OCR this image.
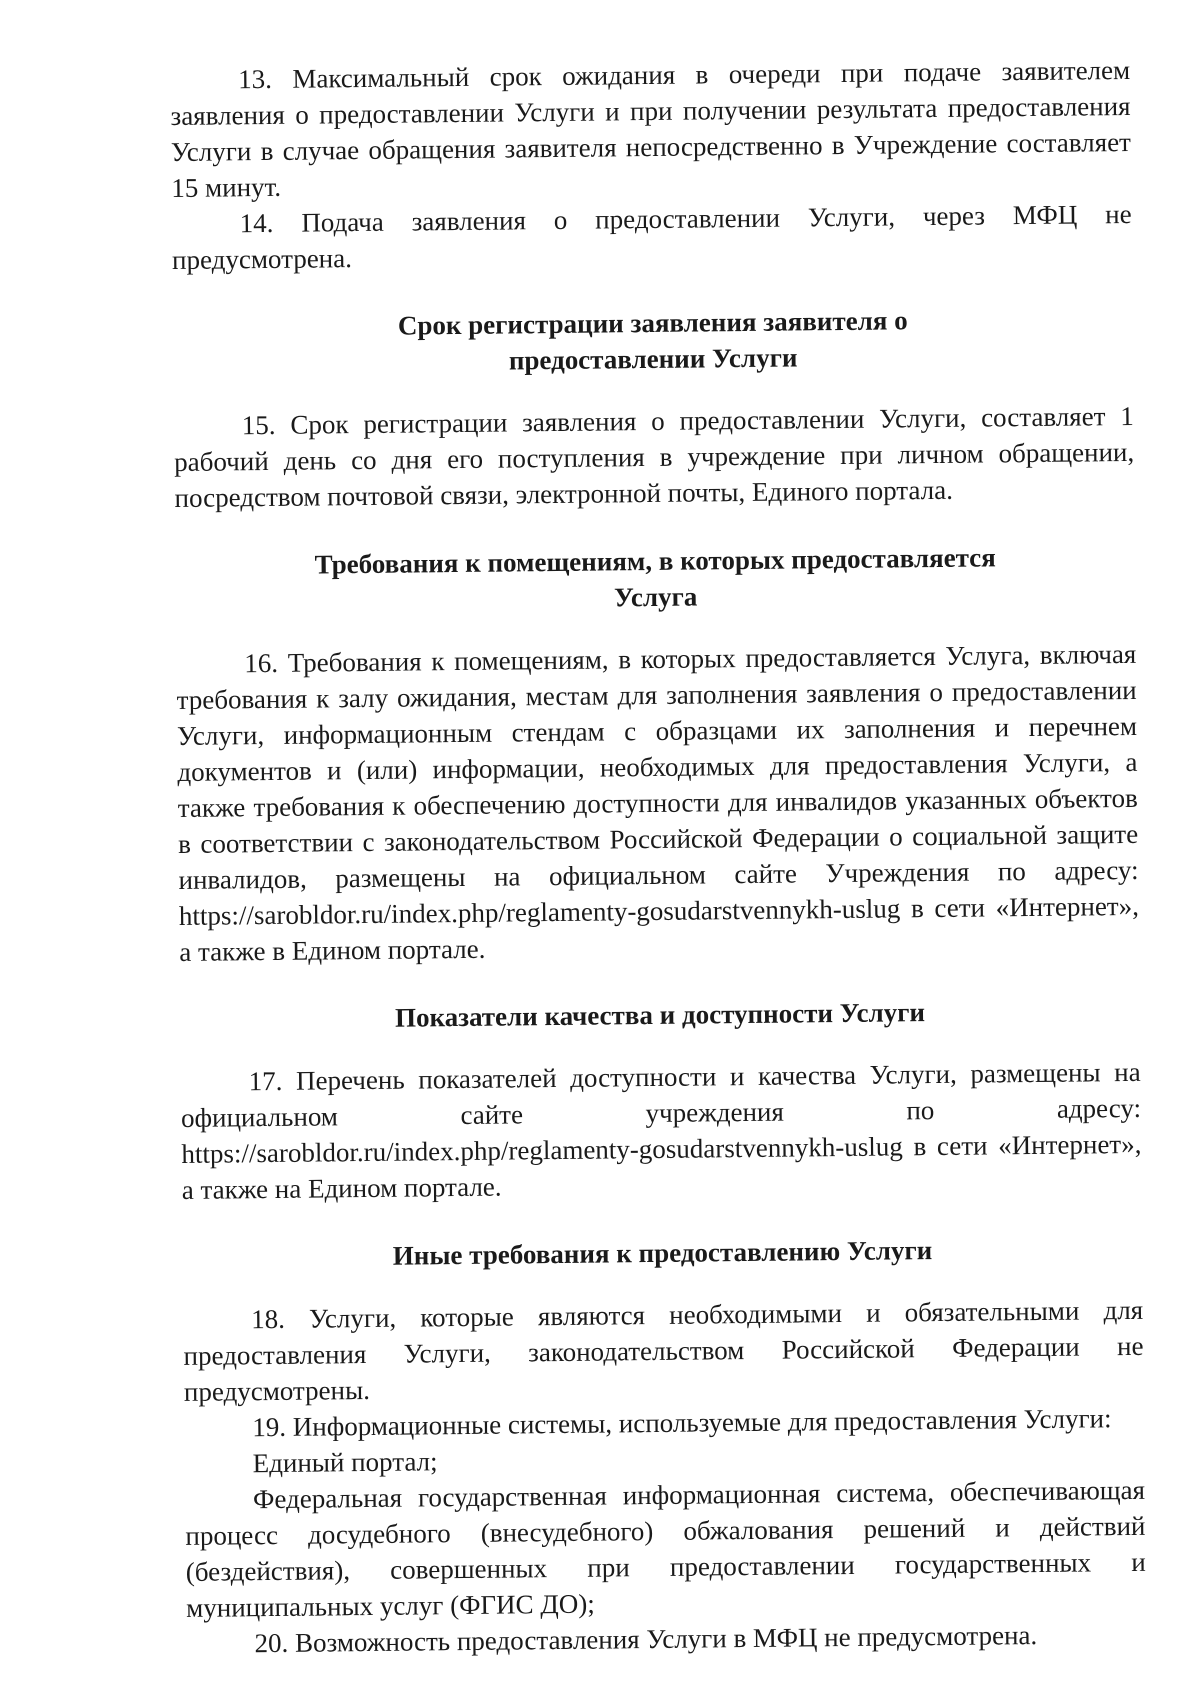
13. Максимальный срок ожидания в очереди при подаче заявителем заявления о предоставлении Услуги и при получении результата предоставления Услуги в случае обращения заявителя непосредственно в Учреждение составляет 15 минут.

14. Подача заявления о предоставлении Услуги, через МФЦ не предусмотрена.

Срок регистрации заявления заявителя о предоставлении Услуги

15. Срок регистрации заявления о предоставлении Услуги, составляет 1 рабочий день со дня его поступления в учреждение при личном обращении, посредством почтовой связи, электронной почты, Единого портала.

Требования к помещениям, в которых предоставляется Услуга

16. Требования к помещениям, в которых предоставляется Услуга, включая требования к залу ожидания, местам для заполнения заявления о предоставлении Услуги, информационным стендам с образцами их заполнения и перечнем документов и (или) информации, необходимых для предоставления Услуги, а также требования к обеспечению доступности для инвалидов указанных объектов в соответствии с законодательством Российской Федерации о социальной защите инвалидов, размещены на официальном сайте Учреждения по адресу: https://sarobldor.ru/index.php/reglamenty-gosudarstvennykh-uslug в сети «Интернет», а также в Едином портале.

Показатели качества и доступности Услуги

17. Перечень показателей доступности и качества Услуги, размещены на официальном сайте учреждения по адресу: https://sarobldor.ru/index.php/reglamenty-gosudarstvennykh-uslug в сети «Интернет», а также на Едином портале.

Иные требования к предоставлению Услуги

18. Услуги, которые являются необходимыми и обязательными для предоставления Услуги, законодательством Российской Федерации не предусмотрены.

19. Информационные системы, используемые для предоставления Услуги:

Единый портал;

Федеральная государственная информационная система, обеспечивающая процесс досудебного (внесудебного) обжалования решений и действий (бездействия), совершенных при предоставлении государственных и муниципальных услуг (ФГИС ДО);

20. Возможность предоставления Услуги в МФЦ не предусмотрена.
